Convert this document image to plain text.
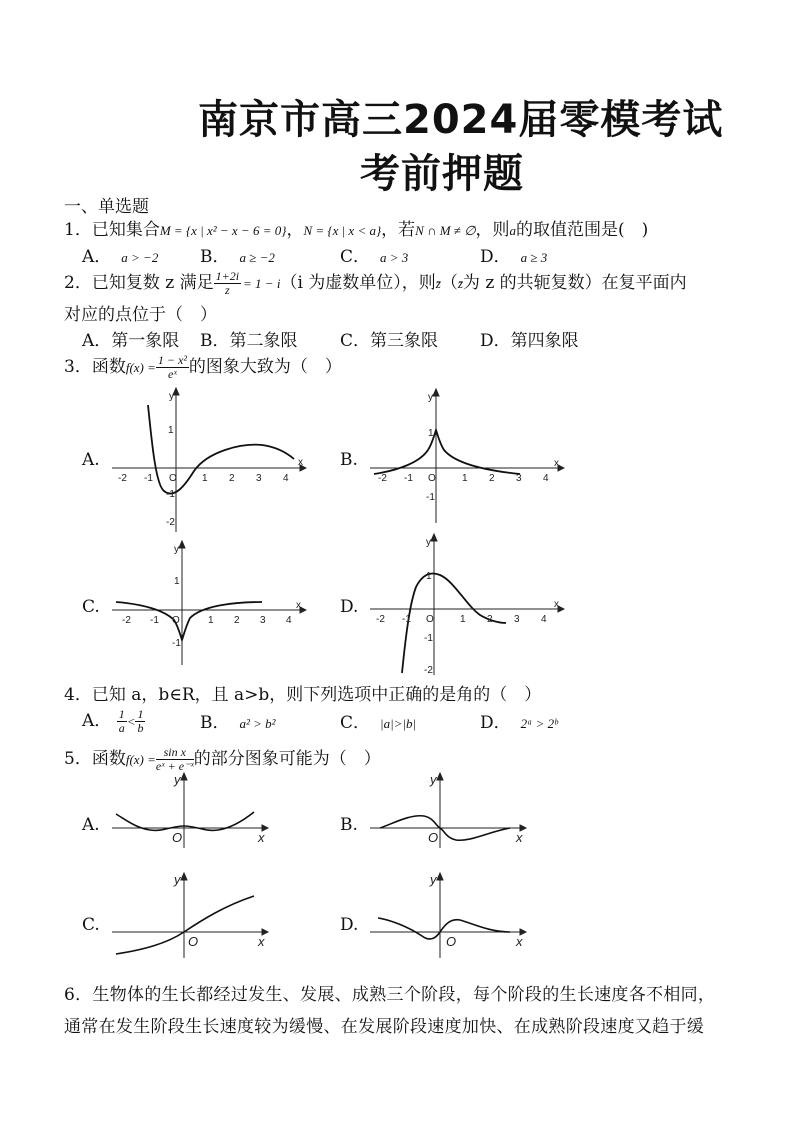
南京市高三2024届零模考试
考前押题
一、单选题
1．已知集合M = {x | x² − x − 6 = 0}，N = {x | x < a}，若N ∩ M ≠ ∅，则a的取值范围是(　)
A． a > −2 B． a ≥ −2	C． a > 3	D． a ≥ 3
2．已知复数 z 满足 $\frac{1+2i}{z} = 1 - i(i$ 为虚数单位），则z̄（z̄为 z 的共轭复数）在复平面内
对应的点位于（　）
A．第一象限 B．第二象限	C．第三象限 D．第四象限
3．函数$f(x) = \frac{\text{1 − x²}}{\text{eˣ}}$ 的图象大致为（　）
A.	B.
C.	D.
y
x
O
-2 -1	1 2 3 4
1
-1
-2
y
x
O
-2 -1	1 2 3 4
1
-1
y
x
O
-2 -1	1 2 3 4
1
-1
y
x
O
-2 -1	1 2 3 4
1
-1
-2
4．已知 a，b∈R，且 a>b，则下列选项中正确的是角的（　）
A． $\frac{1}{a} < \frac{1}{b}$	B． a² > b²	C． |a|>|b|	D． 2ᵃ > 2ᵇ
5．函数$f(x) = \frac{\text{sin x}}{\text{eˣ + e⁻ˣ}}$ 的部分图象可能为（　）
A.	B.
C.	D.
y
x
O
y
x
O
y
x
O
y
x
O
6．生物体的生长都经过发生、发展、成熟三个阶段，每个阶段的生长速度各不相同，
通常在发生阶段生长速度较为缓慢、在发展阶段速度加快、在成熟阶段速度又趋于缓
